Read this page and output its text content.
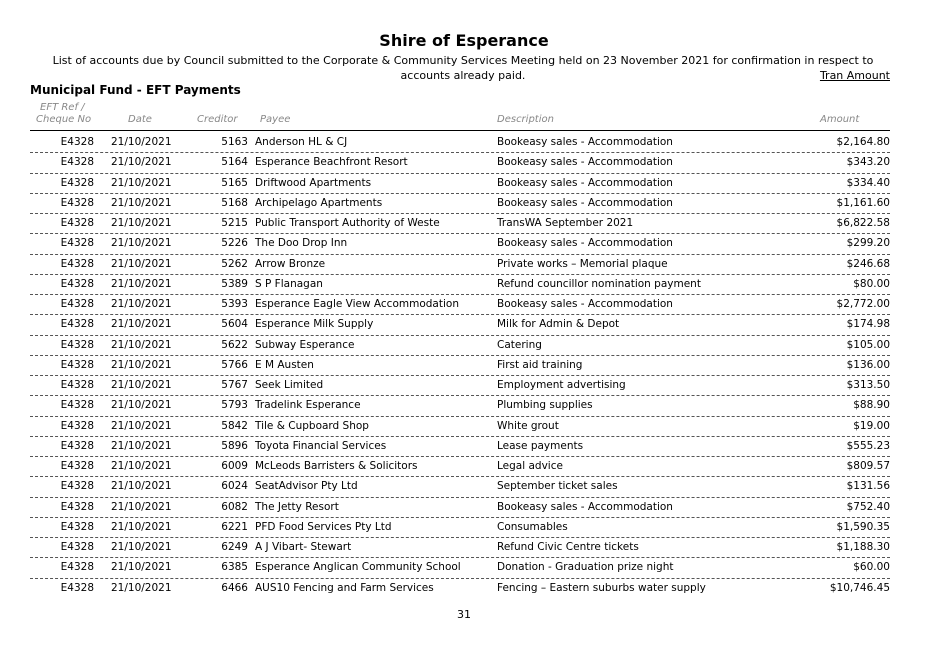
Shire of Esperance
List of accounts due by Council submitted to the Corporate & Community Services Meeting held on 23 November 2021 for confirmation in respect to accounts already paid.	Tran Amount
Municipal Fund - EFT Payments
EFT Ref /
Cheque No	Date	Creditor Payee	Description	Amount
E4328 21/10/2021	5163 Anderson HL & CJ	Bookeasy sales - Accommodation	$2,164.80
E4328 21/10/2021	5164 Esperance Beachfront Resort	Bookeasy sales - Accommodation	$343.20
E4328 21/10/2021	5165 Driftwood Apartments	Bookeasy sales - Accommodation	$334.40
E4328 21/10/2021	5168 Archipelago Apartments	Bookeasy sales - Accommodation	$1,161.60
E4328 21/10/2021	5215 Public Transport Authority of Weste	TransWA September 2021	$6,822.58
E4328 21/10/2021	5226 The Doo Drop Inn	Bookeasy sales - Accommodation	$299.20
E4328 21/10/2021	5262 Arrow Bronze	Private works – Memorial plaque	$246.68
E4328 21/10/2021	5389 S P Flanagan	Refund councillor nomination payment	$80.00
E4328 21/10/2021	5393 Esperance Eagle View Accommodation	Bookeasy sales - Accommodation	$2,772.00
E4328 21/10/2021	5604 Esperance Milk Supply	Milk for Admin & Depot	$174.98
E4328 21/10/2021	5622 Subway Esperance	Catering	$105.00
E4328 21/10/2021	5766 E M Austen	First aid training	$136.00
E4328 21/10/2021	5767 Seek Limited	Employment advertising	$313.50
E4328 21/10/2021	5793 Tradelink Esperance	Plumbing supplies	$88.90
E4328 21/10/2021	5842 Tile & Cupboard Shop	White grout	$19.00
E4328 21/10/2021	5896 Toyota Financial Services	Lease payments	$555.23
E4328 21/10/2021	6009 McLeods Barristers & Solicitors	Legal advice	$809.57
E4328 21/10/2021	6024 SeatAdvisor Pty Ltd	September ticket sales	$131.56
E4328 21/10/2021	6082 The Jetty Resort	Bookeasy sales - Accommodation	$752.40
E4328 21/10/2021	6221 PFD Food Services Pty Ltd	Consumables	$1,590.35
E4328 21/10/2021	6249 A J Vibart- Stewart	Refund Civic Centre tickets	$1,188.30
E4328 21/10/2021	6385 Esperance Anglican Community School	Donation - Graduation prize night	$60.00
E4328 21/10/2021	6466 AUS10 Fencing and Farm Services	Fencing – Eastern suburbs water supply	$10,746.45
31
